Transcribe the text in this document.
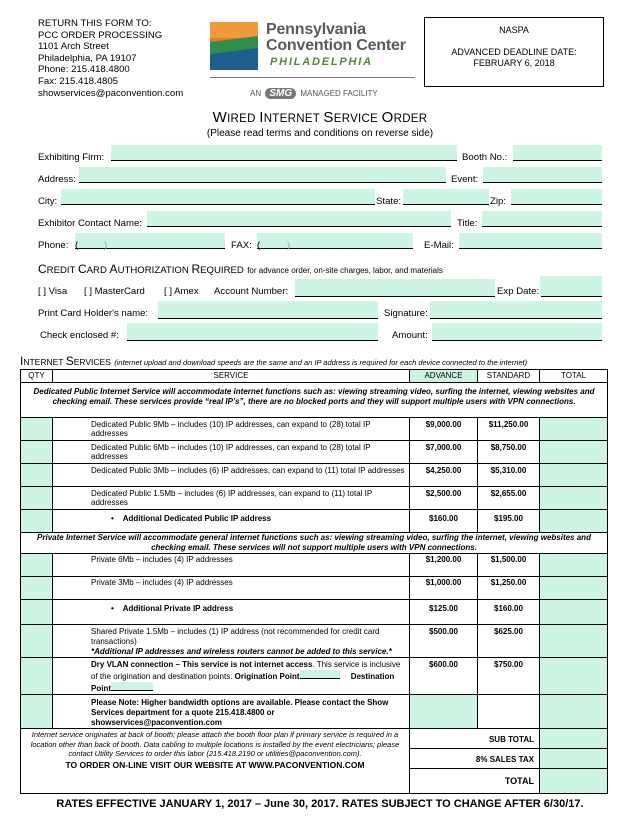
RETURN THIS FORM TO:
PCC ORDER PROCESSING
1101 Arch Street
Philadelphia, PA 19107
Phone: 215.418.4800
Fax: 215.418.4805
showservices@paconvention.com
Pennsylvania
Convention Center
PHILADELPHIA
AN SMG MANAGED FACILITY
NASPA
ADVANCED DEADLINE DATE:
FEBRUARY 6, 2018
WIRED INTERNET SERVICE ORDER
(Please read terms and conditions on reverse side)
Exhibiting Firm:	Booth No.:
Address:	Event:
City:	State:	Zip:
Exhibitor Contact Name:	Title:
Phone: (	)	FAX: (	)	E-Mail:
CREDIT CARD AUTHORIZATION REQUIRED for advance order, on-site charges, labor, and materials
[ ] Visa [ ] MasterCard [ ] Amex Account Number:	Exp Date:
Print Card Holder's name:	Signature:
Check enclosed #:	Amount:
INTERNET SERVICES (internet upload and download speeds are the same and an IP address is required for each device connected to the internet)
QTY	SERVICE	ADVANCE	STANDARD	TOTAL
Dedicated Public Internet Service will accommodate internet functions such as: viewing streaming video, surfing the internet, viewing websites and checking email. These services provide “real IP’s”, there are no blocked ports and they will support multiple users with VPN connections.				
	Dedicated Public 9Mb – includes (10) IP addresses, can expand to (28) total IP addresses	$9,000.00	$11,250.00	
	Dedicated Public 6Mb – includes (10) IP addresses, can expand to (28) total IP addresses	$7,000.00	$8,750.00	
	Dedicated Public 3Mb – includes (6) IP addresses, can expand to (11) total IP addresses	$4,250.00	$5,310.00	
	Dedicated Public 1.5Mb – includes (6) IP addresses, can expand to (11) total IP addresses	$2,500.00	$2,655.00	
	•    Additional Dedicated Public IP address	$160.00	$195.00	
Private Internet Service will accommodate general internet functions such as: viewing streaming video, surfing the internet, viewing websites and checking email. These services will not support multiple users with VPN connections.				
	Private 6Mb – includes (4) IP addresses	$1,200.00	$1,500.00	
	Private 3Mb – includes (4) IP addresses	$1,000.00	$1,250.00	
	•    Additional Private IP address	$125.00	$160.00	

	Shared Private 1.5Mb – includes (1) IP address (not recommended for credit card transactions)
*Additional IP addresses and wireless routers cannot be added to this service.*	$500.00	$625.00	
	Dry VLAN connection – This service is not internet access. This service is inclusive of the origination and destination points. Origination Point Destination Point	$600.00	$750.00	
	Please Note: Higher bandwidth options are available. Please contact the Show Services department for a quote 215.418.4800 or showservices@paconvention.com			

Internet service originates at back of booth; please attach the booth floor plan if primary service is required in a location other than back of booth. Data cabling to multiple locations is installed by the event electricians; please contact Utility Services to order this labor (215.418.2190 or utilities@paconvention.com).
TO ORDER ON-LINE VISIT OUR WEBSITE AT WWW.PACONVENTION.COM		SUB TOTAL		
		8% SALES TAX		
		TOTAL		
RATES EFFECTIVE JANUARY 1, 2017 – June 30, 2017. RATES SUBJECT TO CHANGE AFTER 6/30/17.
